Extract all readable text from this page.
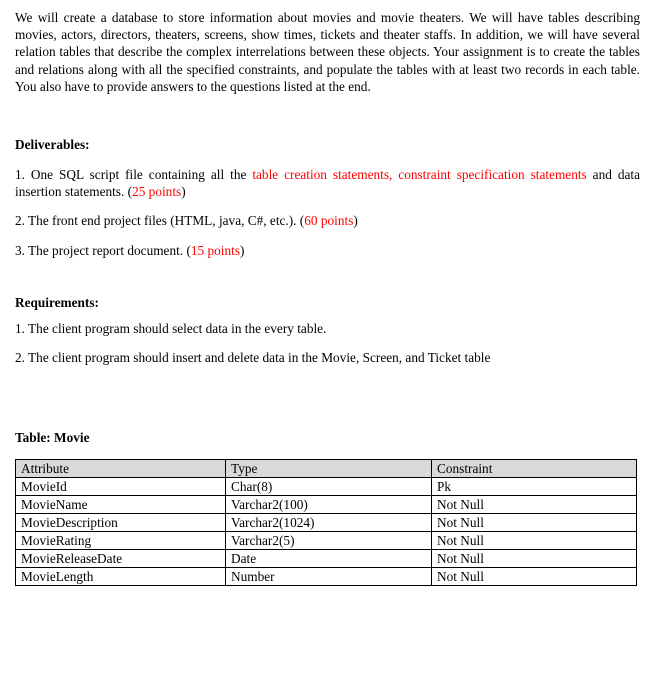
We will create a database to store information about movies and movie theaters. We will have tables describing movies, actors, directors, theaters, screens, show times, tickets and theater staffs. In addition, we will have several relation tables that describe the complex interrelations between these objects. Your assignment is to create the tables and relations along with all the specified constraints, and populate the tables with at least two records in each table. You also have to provide answers to the questions listed at the end.

Deliverables:

1. One SQL script file containing all the table creation statements, constraint specification statements and data insertion statements. (25 points)

2. The front end project files (HTML, java, C#, etc.). (60 points)

3. The project report document. (15 points)

Requirements:

1. The client program should select data in the every table.

2. The client program should insert and delete data in the Movie, Screen, and Ticket table

Table: Movie
Attribute	Type	Constraint
MovieId	Char(8)	Pk
MovieName	Varchar2(100)	Not Null
MovieDescription	Varchar2(1024)	Not Null
MovieRating	Varchar2(5)	Not Null
MovieReleaseDate	Date	Not Null
MovieLength	Number	Not Null
